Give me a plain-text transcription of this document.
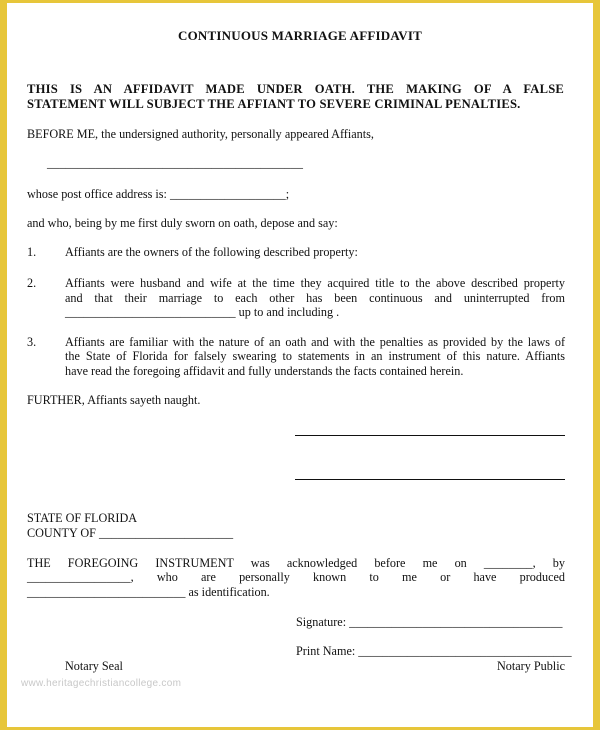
CONTINUOUS MARRIAGE AFFIDAVIT
THIS IS AN AFFIDAVIT MADE UNDER OATH. THE MAKING OF A FALSE
STATEMENT WILL SUBJECT THE AFFIANT TO SEVERE CRIMINAL PENALTIES.
BEFORE ME, the undersigned authority, personally appeared Affiants,
__________________________________________
whose post office address is: ___________________;
and who, being by me first duly sworn on oath, depose and say:
1. Affiants are the owners of the following described property:
2. Affiants were husband and wife at the time they acquired title to the above described property
and that their marriage to each other has been continuous and uninterrupted from
____________________________ up to and including .
3. Affiants are familiar with the nature of an oath and with the penalties as provided by the laws of
the State of Florida for falsely swearing to statements in an instrument of this nature. Affiants
have read the foregoing affidavit and fully understands the facts contained herein.
FURTHER, Affiants sayeth naught.
STATE OF FLORIDA
COUNTY OF ______________________
THE FOREGOING INSTRUMENT was acknowledged before me on ________, by
_________________, who are personally known to me or have produced
__________________________ as identification.
Signature: ___________________________________
Print Name: ___________________________________
Notary Seal	Notary Public
www.heritagechristiancollege.com
